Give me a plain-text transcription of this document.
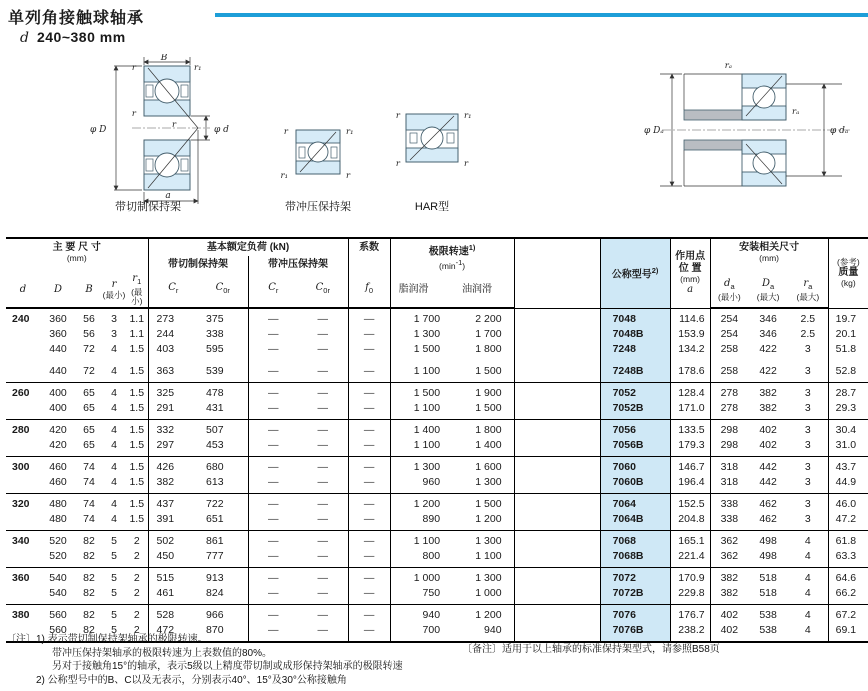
单列角接触球轴承
d 240~380 mm
B
φ D	φ d
a
r	r₁
r
r
带切制保持架
r	r₁
r₁	r
带冲压保持架
r	r₁
r	r
HAR型
φ Dₐ	φ dₐ
rₐ
rₐ
主 要 尺 寸
(mm)

基本额定负荷 (kN)	系数	极限转速$^{1)}$
$(\min^{-1})$
		公称型号$^{2)}$	
作用点
位 置
(mm)
a

安装相关尺寸
(mm)	(参考)
质量
(kg)

					带切制保持架		带冲压保持架											
d	D	B	r
(最小)	$r_1$
(最小)	$C_r$	$C_{0r}$	$C_r$	$C_{0r}$	$f_0$	脂润滑	油润滑				$d_a$
(最小)	$D_a$
(最大)	$r_a$
(最大)	

240	360	56	3	1.1	273	375	—	—	—	1 700	2 200		7048	114.6	254	346	2.5	19.7
	360	56	3	1.1	244	338	—	—	—	1 300	1 700		7048B	153.9	254	346	2.5	20.1
	440	72	4	1.5	403	595	—	—	—	1 500	1 800		7248	134.2	258	422	3	51.8
	440	72	4	1.5	363	539	—	—	—	1 100	1 500		7248B	178.6	258	422	3	52.8
260	400	65	4	1.5	325	478	—	—	—	1 500	1 900		7052	128.4	278	382	3	28.7
	400	65	4	1.5	291	431	—	—	—	1 100	1 500		7052B	171.0	278	382	3	29.3
280	420	65	4	1.5	332	507	—	—	—	1 400	1 800		7056	133.5	298	402	3	30.4
	420	65	4	1.5	297	453	—	—	—	1 100	1 400		7056B	179.3	298	402	3	31.0
300	460	74	4	1.5	426	680	—	—	—	1 300	1 600		7060	146.7	318	442	3	43.7
	460	74	4	1.5	382	613	—	—	—	960	1 300		7060B	196.4	318	442	3	44.9
320	480	74	4	1.5	437	722	—	—	—	1 200	1 500		7064	152.5	338	462	3	46.0
	480	74	4	1.5	391	651	—	—	—	890	1 200		7064B	204.8	338	462	3	47.2
340	520	82	5	2	502	861	—	—	—	1 100	1 300		7068	165.1	362	498	4	61.8
	520	82	5	2	450	777	—	—	—	800	1 100		7068B	221.4	362	498	4	63.3
360	540	82	5	2	515	913	—	—	—	1 000	1 300		7072	170.9	382	518	4	64.6
	540	82	5	2	461	824	—	—	—	750	1 000		7072B	229.8	382	518	4	66.2
380	560	82	5	2	528	966	—	—	—	940	1 200		7076	176.7	402	538	4	67.2
	560	82	5	2	472	870	—	—	—	700	940		7076B	238.2	402	538	4	69.1
〔注〕1) 表示带切制保持架轴承的极限转速。
带冲压保持架轴承的极限转速为上表数值的80%。
另对于接触角15°的轴承，表示5级以上精度带切制或成形保持架轴承的极限转速
2) 公称型号中的B、C以及无表示，分别表示40°、15°及30°公称接触角
〔备注〕适用于以上轴承的标准保持架型式，请参照B58页
